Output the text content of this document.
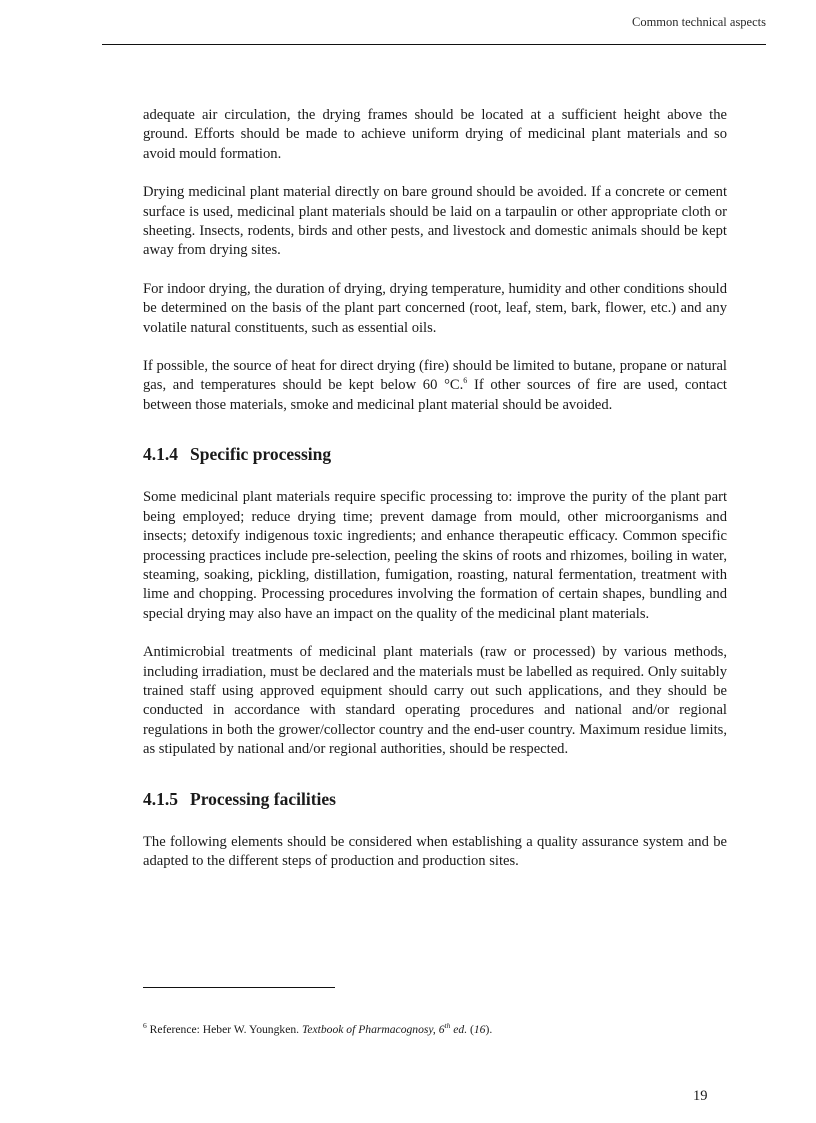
Common technical aspects

adequate air circulation, the drying frames should be located at a sufficient height above the ground. Efforts should be made to achieve uniform drying of medicinal plant materials and so avoid mould formation.

Drying medicinal plant material directly on bare ground should be avoided. If a concrete or cement surface is used, medicinal plant materials should be laid on a tarpaulin or other appropriate cloth or sheeting. Insects, rodents, birds and other pests, and livestock and domestic animals should be kept away from drying sites.

For indoor drying, the duration of drying, drying temperature, humidity and other conditions should be determined on the basis of the plant part concerned (root, leaf, stem, bark, flower, etc.) and any volatile natural constituents, such as essential oils.

If possible, the source of heat for direct drying (fire) should be limited to butane, propane or natural gas, and temperatures should be kept below 60 °C.$^6$ If other sources of fire are used, contact between those materials, smoke and medicinal plant material should be avoided.

4.1.4 Specific processing

Some medicinal plant materials require specific processing to: improve the purity of the plant part being employed; reduce drying time; prevent damage from mould, other microorganisms and insects; detoxify indigenous toxic ingredients; and enhance therapeutic efficacy. Common specific processing practices include pre-selection, peeling the skins of roots and rhizomes, boiling in water, steaming, soaking, pickling, distillation, fumigation, roasting, natural fermentation, treatment with lime and chopping. Processing procedures involving the formation of certain shapes, bundling and special drying may also have an impact on the quality of the medicinal plant materials.

Antimicrobial treatments of medicinal plant materials (raw or processed) by various methods, including irradiation, must be declared and the materials must be labelled as required. Only suitably trained staff using approved equipment should carry out such applications, and they should be conducted in accordance with standard operating procedures and national and/or regional regulations in both the grower/collector country and the end-user country. Maximum residue limits, as stipulated by national and/or regional authorities, should be respected.

4.1.5 Processing facilities

The following elements should be considered when establishing a quality assurance system and be adapted to the different steps of production and production sites.

$^6$ Reference: Heber W. Youngken. Textbook of Pharmacognosy, 6th ed. (16).
19
